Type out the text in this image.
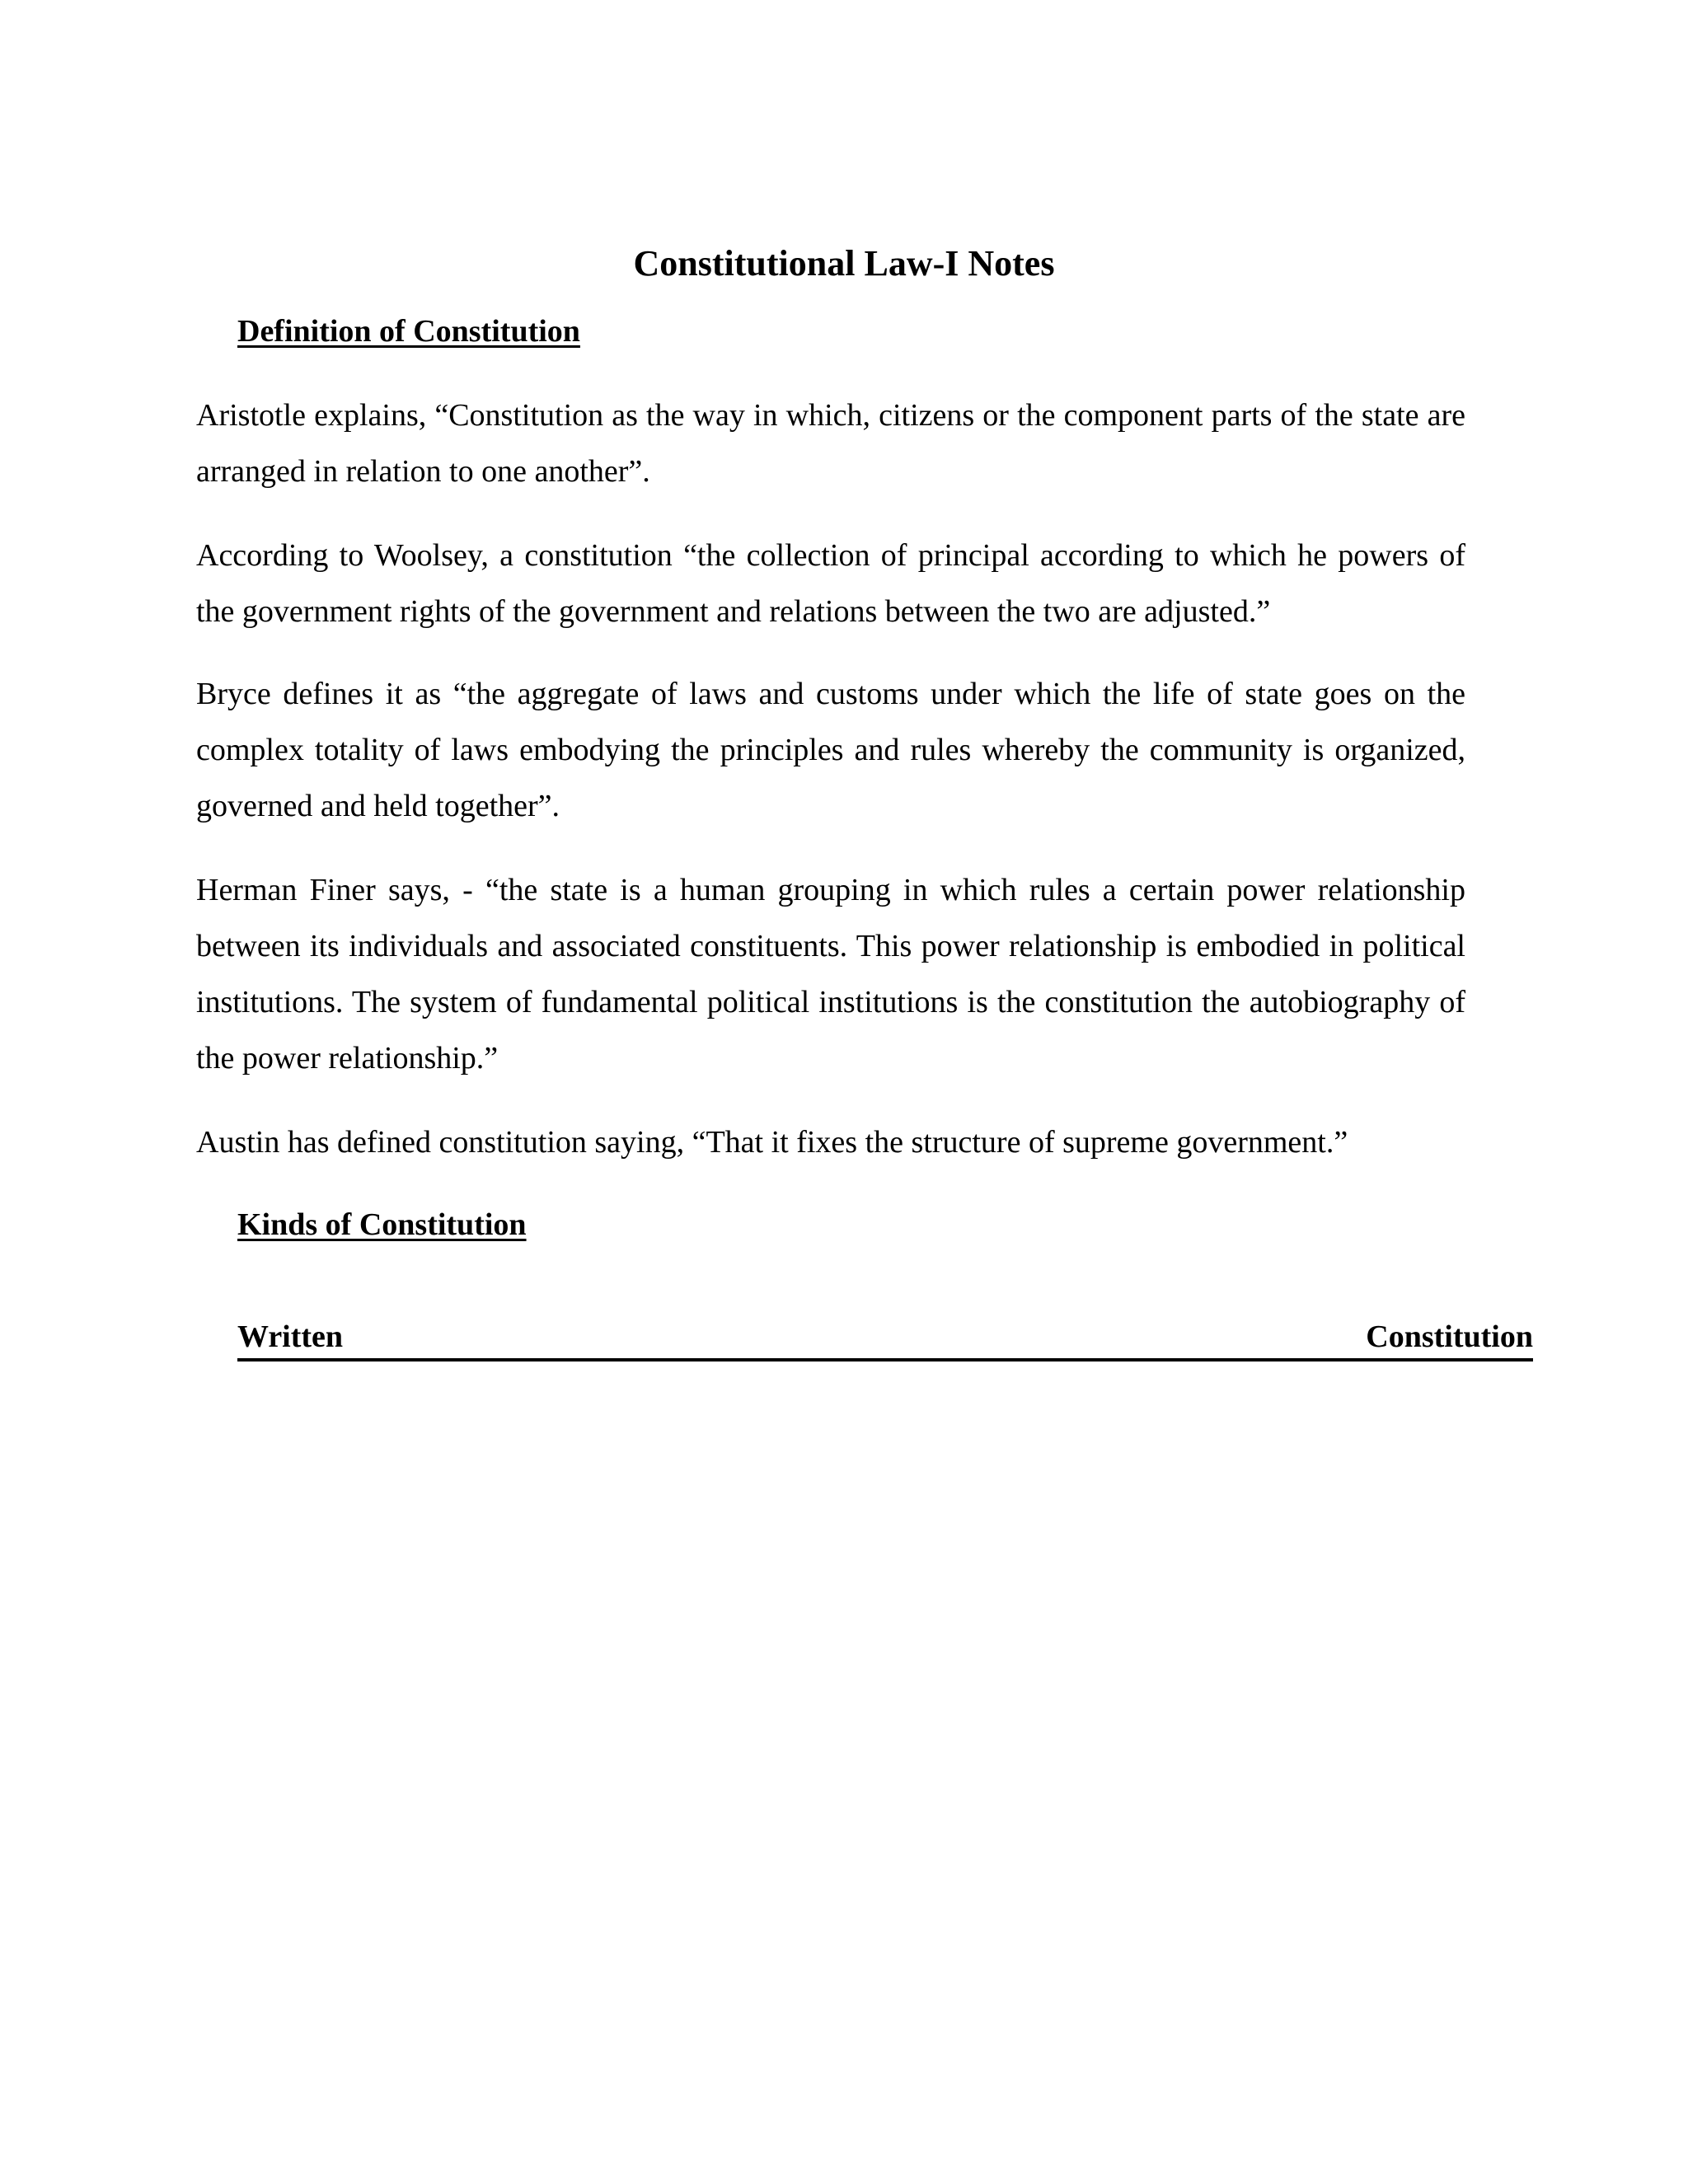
Constitutional Law-I Notes
Definition of Constitution

Aristotle explains, “Constitution as the way in which, citizens or the component parts of the state are arranged in relation to one another”.

According to Woolsey, a constitution “the collection of principal according to which he powers of the government rights of the government and relations between the two are adjusted.”

Bryce defines it as “the aggregate of laws and customs under which the life of state goes on the complex totality of laws embodying the principles and rules whereby the community is organized, governed and held together”.

Herman Finer says, - “the state is a human grouping in which rules a certain power relationship between its individuals and associated constituents. This power relationship is embodied in political institutions. The system of fundamental political institutions is the constitution the autobiography of the power relationship.”

Austin has defined constitution saying, “That it fixes the structure of supreme government.”

Kinds of Constitution
Written	Constitution
